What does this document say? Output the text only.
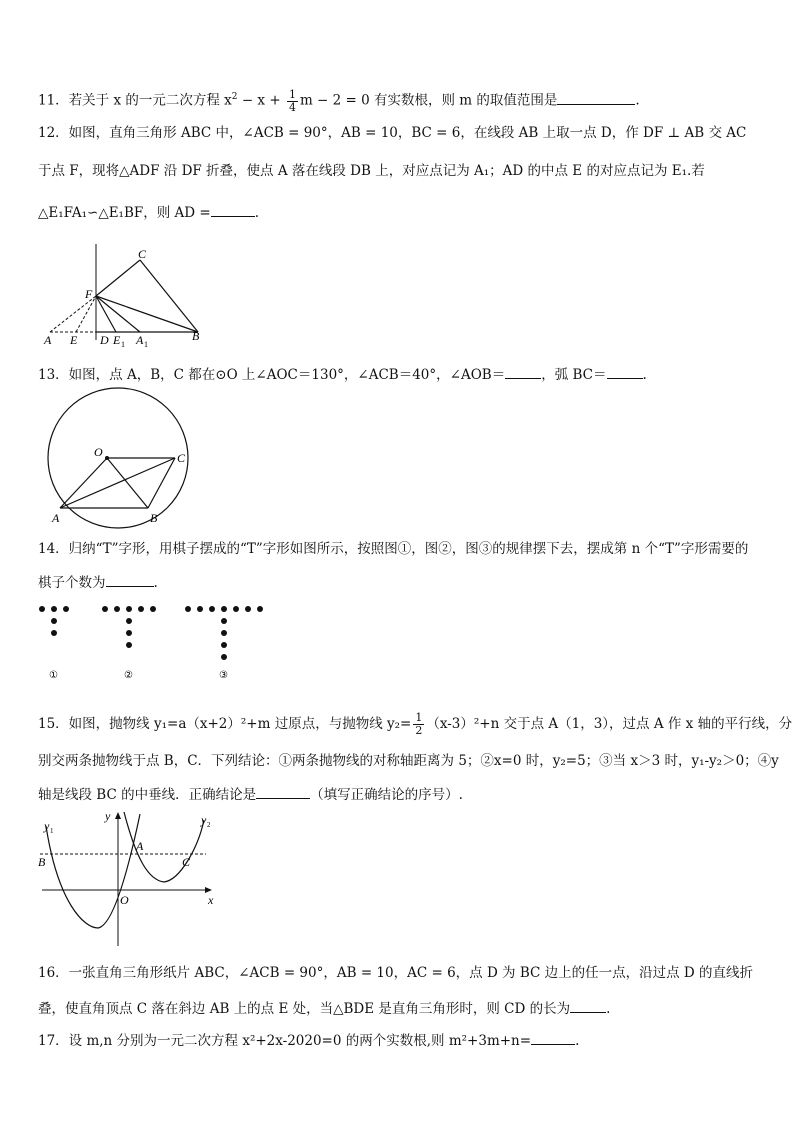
11．若关于 x 的一元二次方程 $x^2 - x + \frac{1}{4}$ m − 2 = 0 有实数根，则 m 的取值范围是	.
12．如图，直角三角形 ABC 中，∠ACB = 90°，AB = 10，BC = 6，在线段 AB 上取一点 D，作 DF ⊥ AB 交 AC
于点 F，现将△ADF 沿 DF 折叠，使点 A 落在线段 DB 上，对应点记为 A₁；AD 的中点 E 的对应点记为 E₁.若
△E₁FA₁∽△E₁BF，则 AD =	.
C
F
A E D E 1 A 1
B
13．如图，点 A，B，C 都在⊙O 上∠AOC＝130°，∠ACB＝40°，∠AOB＝	，弧 BC＝	.
O	C
A	B
14．归纳“T”字形，用棋子摆成的“T”字形如图所示，按照图①，图②，图③的规律摆下去，摆成第 n 个“T”字形需要的
棋子个数为	.
①	②	③
15．如图，抛物线 y₁=a（x+2）²+m 过原点，与抛物线 $y_2= \frac{1}{2} (x-3)^2+n$ 交于点 A（1，3），过点 A 作 x 轴的平行线，分
别交两条抛物线于点 B，C．下列结论：①两条抛物线的对称轴距离为 5；②x=0 时，y₂=5；③当 x＞3 时，y₁-y₂＞0；④y
轴是线段 BC 的中垂线．正确结论是	（填写正确结论的序号）.
y 1
y 2
y
x
A
B	C
O
16．一张直角三角形纸片 ABC，∠ACB = 90°，AB = 10，AC = 6，点 D 为 BC 边上的任一点，沿过点 D 的直线折
叠，使直角顶点 C 落在斜边 AB 上的点 E 处，当△BDE 是直角三角形时，则 CD 的长为	.
17．设 m,n 分别为一元二次方程 x²+2x-2020=0 的两个实数根,则 m²+3m+n=	.
